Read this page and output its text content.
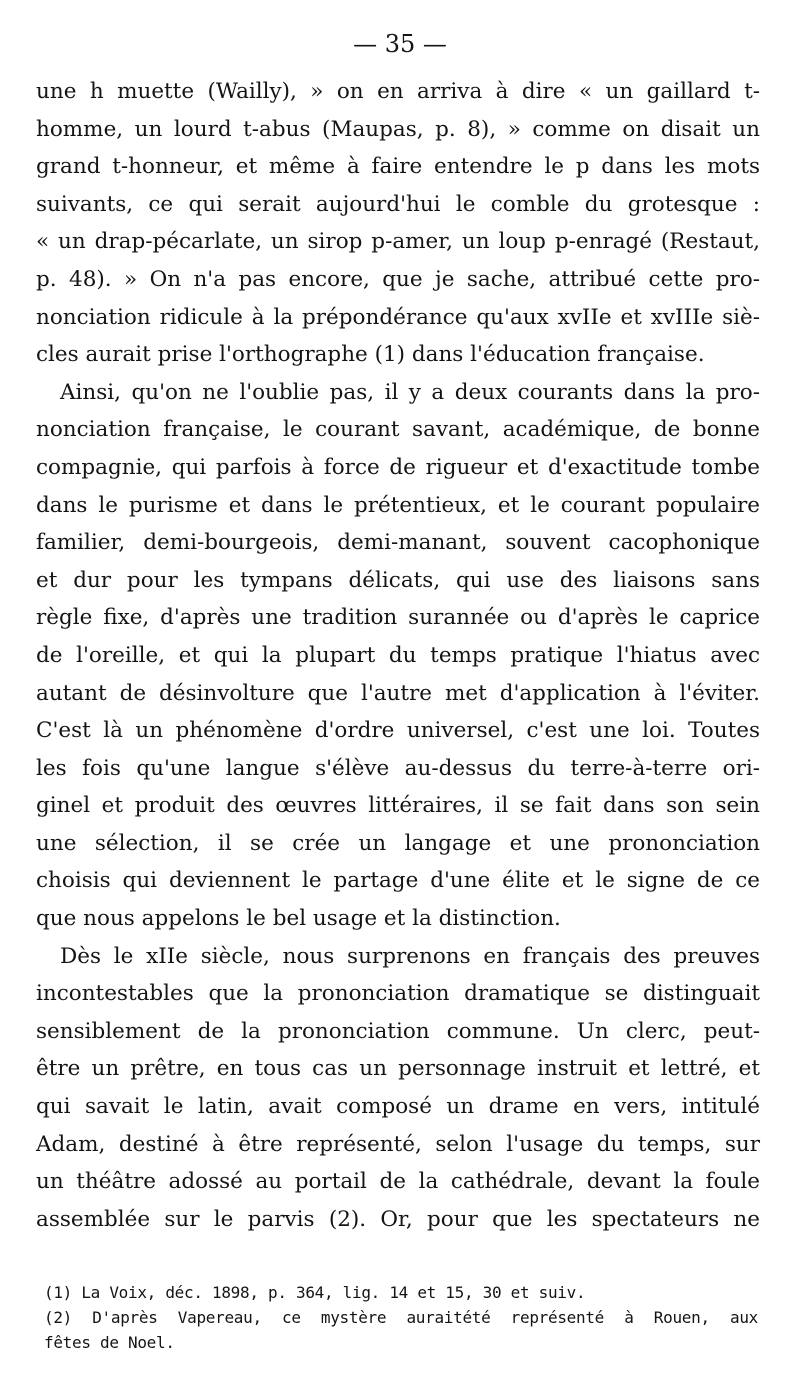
— 35 —
une h muette (Wailly), » on en arriva à dire « un gaillard t-
homme, un lourd t-abus (Maupas, p. 8), » comme on disait un
grand t-honneur, et même à faire entendre le p dans les mots
suivants, ce qui serait aujourd'hui le comble du grotesque :
« un drap-pécarlate, un sirop p-amer, un loup p-enragé (Restaut,
p. 48). » On n'a pas encore, que je sache, attribué cette pro-
nonciation ridicule à la prépondérance qu'aux xvIIe et xvIIIe siè-
cles aurait prise l'orthographe (1) dans l'éducation française.
Ainsi, qu'on ne l'oublie pas, il y a deux courants dans la pro-
nonciation française, le courant savant, académique, de bonne
compagnie, qui parfois à force de rigueur et d'exactitude tombe
dans le purisme et dans le prétentieux, et le courant populaire
familier, demi-bourgeois, demi-manant, souvent cacophonique
et dur pour les tympans délicats, qui use des liaisons sans
règle fixe, d'après une tradition surannée ou d'après le caprice
de l'oreille, et qui la plupart du temps pratique l'hiatus avec
autant de désinvolture que l'autre met d'application à l'éviter.
C'est là un phénomène d'ordre universel, c'est une loi. Toutes
les fois qu'une langue s'élève au-dessus du terre-à-terre ori-
ginel et produit des œuvres littéraires, il se fait dans son sein
une sélection, il se crée un langage et une prononciation
choisis qui deviennent le partage d'une élite et le signe de ce
que nous appelons le bel usage et la distinction.
Dès le xIIe siècle, nous surprenons en français des preuves
incontestables que la prononciation dramatique se distinguait
sensiblement de la prononciation commune. Un clerc, peut-
être un prêtre, en tous cas un personnage instruit et lettré, et
qui savait le latin, avait composé un drame en vers, intitulé
Adam, destiné à être représenté, selon l'usage du temps, sur
un théâtre adossé au portail de la cathédrale, devant la foule
assemblée sur le parvis (2). Or, pour que les spectateurs ne
(1) La Voix, déc. 1898, p. 364, lig. 14 et 15, 30 et suiv.
(2) D'après Vapereau, ce mystère auraitété représenté à Rouen, aux
fêtes de Noel.
